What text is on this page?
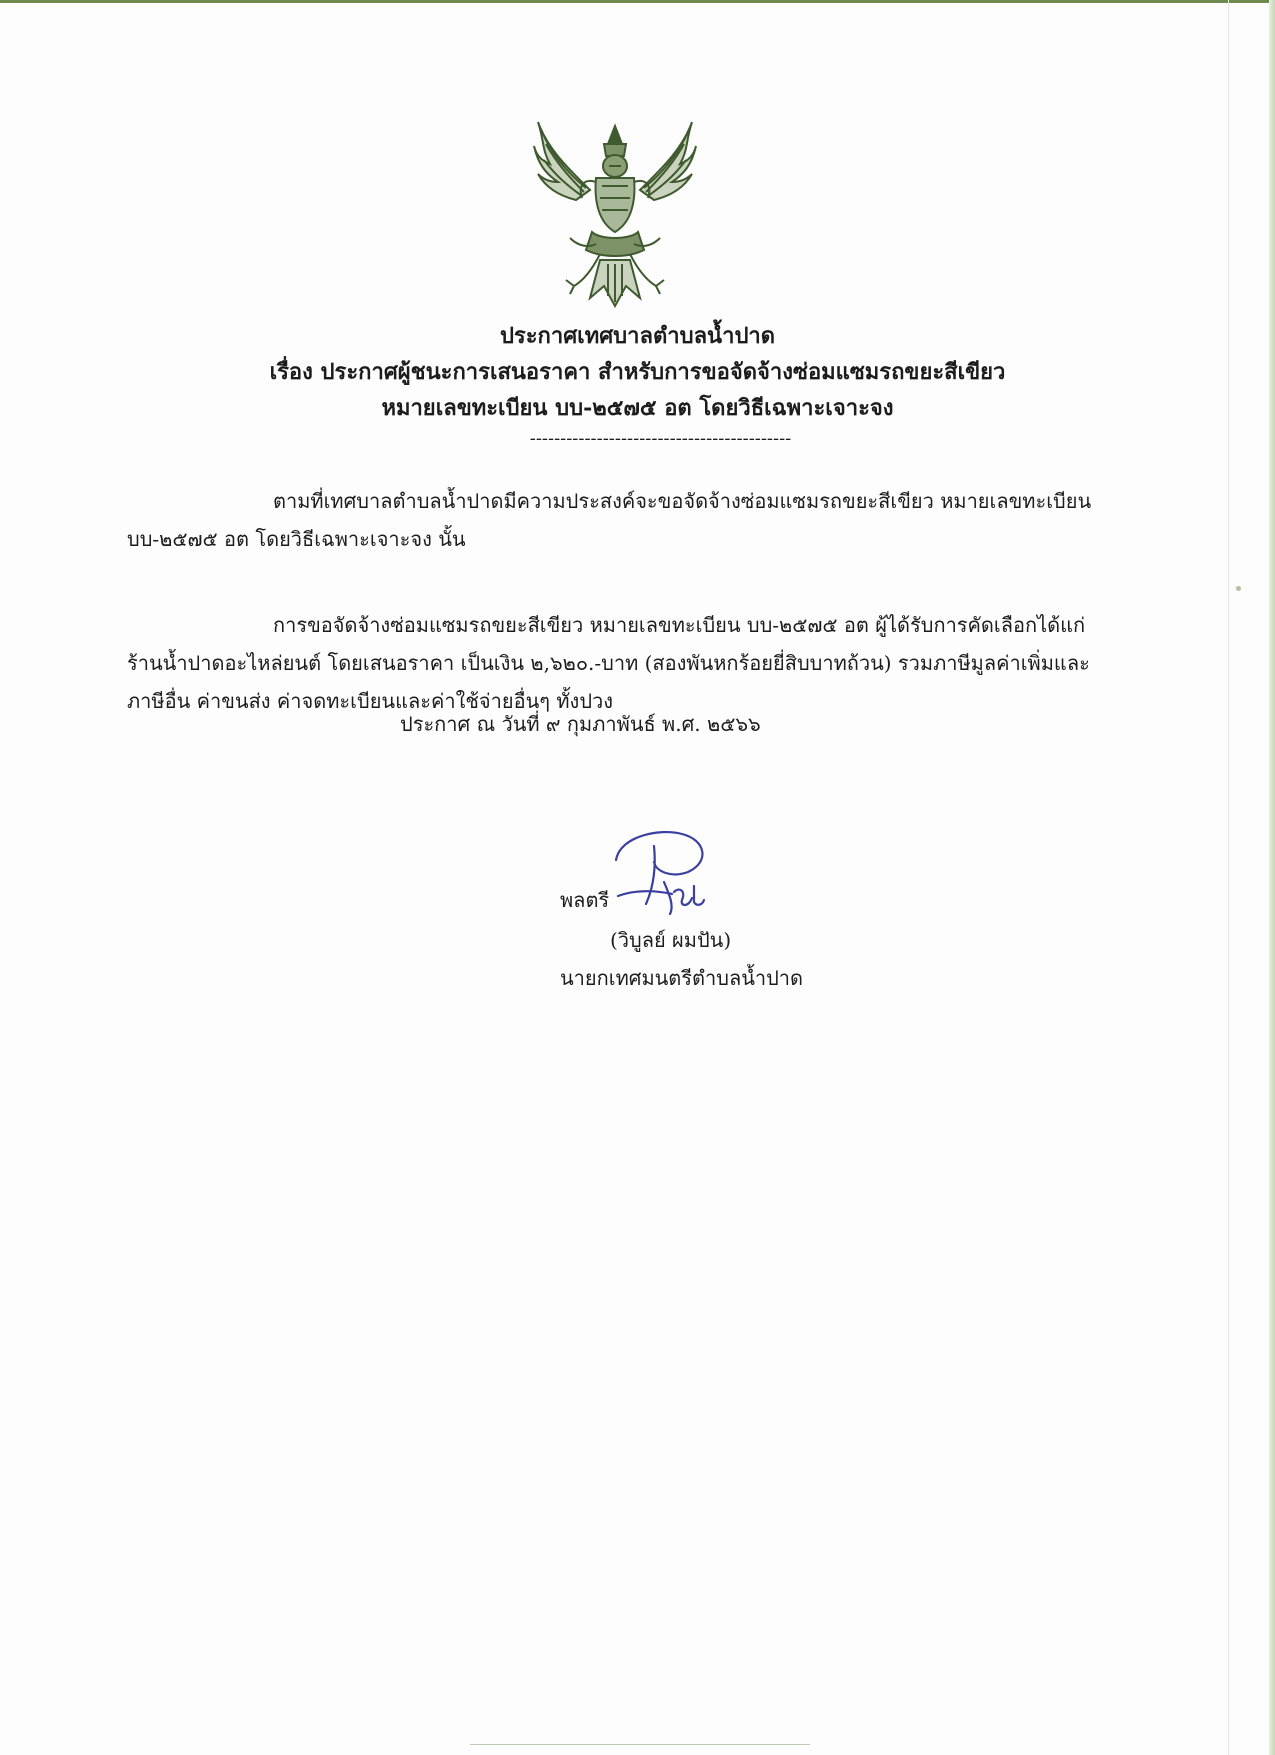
ประกาศเทศบาลตำบลน้ำปาด
เรื่อง ประกาศผู้ชนะการเสนอราคา สำหรับการขอจัดจ้างซ่อมแซมรถขยะสีเขียว
หมายเลขทะเบียน บบ-๒๕๗๕ อต โดยวิธีเฉพาะเจาะจง
-------------------------------------------
ตามที่เทศบาลตำบลน้ำปาดมีความประสงค์จะขอจัดจ้างซ่อมแซมรถขยะสีเขียว หมายเลขทะเบียน
บบ-๒๕๗๕ อต โดยวิธีเฉพาะเจาะจง นั้น
การขอจัดจ้างซ่อมแซมรถขยะสีเขียว หมายเลขทะเบียน บบ-๒๕๗๕ อต ผู้ได้รับการคัดเลือกได้แก่
ร้านน้ำปาดอะไหล่ยนต์ โดยเสนอราคา เป็นเงิน ๒,๖๒๐.-บาท (สองพันหกร้อยยี่สิบบาทถ้วน) รวมภาษีมูลค่าเพิ่มและ
ภาษีอื่น ค่าขนส่ง ค่าจดทะเบียนและค่าใช้จ่ายอื่นๆ ทั้งปวง
ประกาศ ณ วันที่ ๙ กุมภาพันธ์ พ.ศ. ๒๕๖๖
พลตรี
(วิบูลย์ ผมปัน)
นายกเทศมนตรีตำบลน้ำปาด
